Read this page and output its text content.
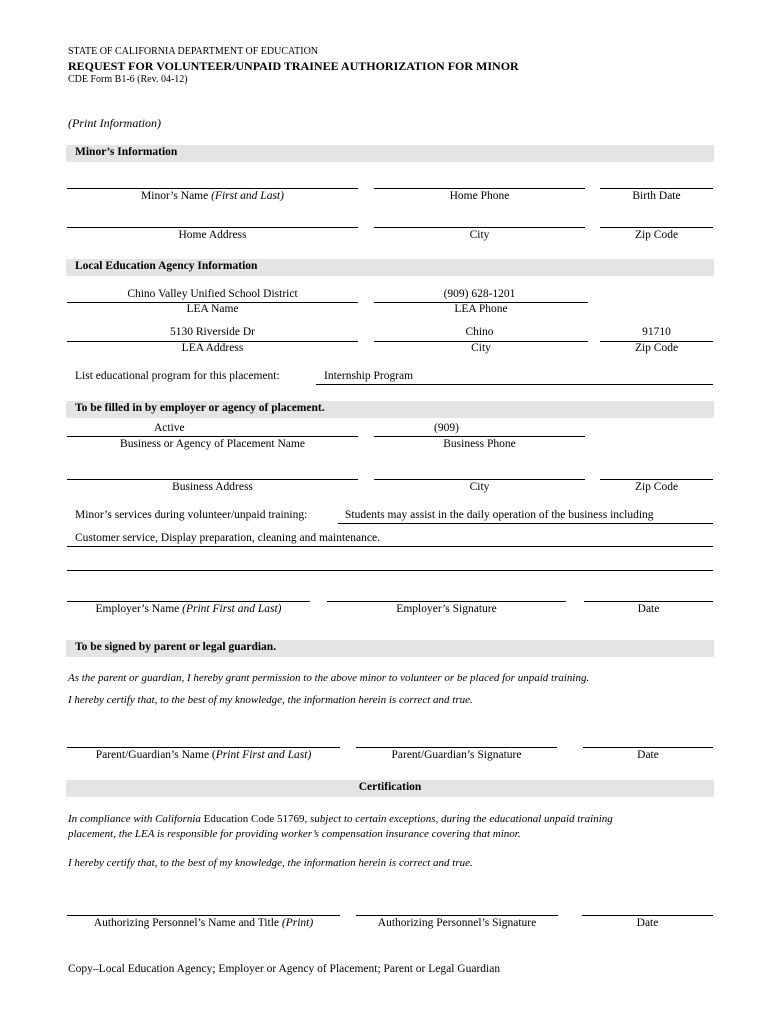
STATE OF CALIFORNIA DEPARTMENT OF EDUCATION
REQUEST FOR VOLUNTEER/UNPAID TRAINEE AUTHORIZATION FOR MINOR
CDE Form B1-6 (Rev. 04-12)
(Print Information)
Minor’s Information
Minor’s Name (First and Last)	Home Phone	Birth Date
Home Address	City	Zip Code
Local Education Agency Information
Chino Valley Unified School District	(909) 628-1201
LEA Name	LEA Phone
5130 Riverside Dr	Chino	91710
LEA Address	City	Zip Code
List educational program for this placement:	Internship Program
To be filled in by employer or agency of placement.
Active	(909)
Business or Agency of Placement Name	Business Phone
Business Address	City	Zip Code
Minor’s services during volunteer/unpaid training:	Students may assist in the daily operation of the business including
Customer service, Display preparation, cleaning and maintenance.
Employer’s Name (Print First and Last)	Employer’s Signature	Date
To be signed by parent or legal guardian.
As the parent or guardian, I hereby grant permission to the above minor to volunteer or be placed for unpaid training.
I hereby certify that, to the best of my knowledge, the information herein is correct and true.
Parent/Guardian’s Name (Print First and Last)	Parent/Guardian’s Signature	Date
Certification
In compliance with California Education Code 51769, subject to certain exceptions, during the educational unpaid training
placement, the LEA is responsible for providing worker’s compensation insurance covering that minor.
I hereby certify that, to the best of my knowledge, the information herein is correct and true.
Authorizing Personnel’s Name and Title (Print)	Authorizing Personnel’s Signature	Date
Copy–Local Education Agency; Employer or Agency of Placement; Parent or Legal Guardian
